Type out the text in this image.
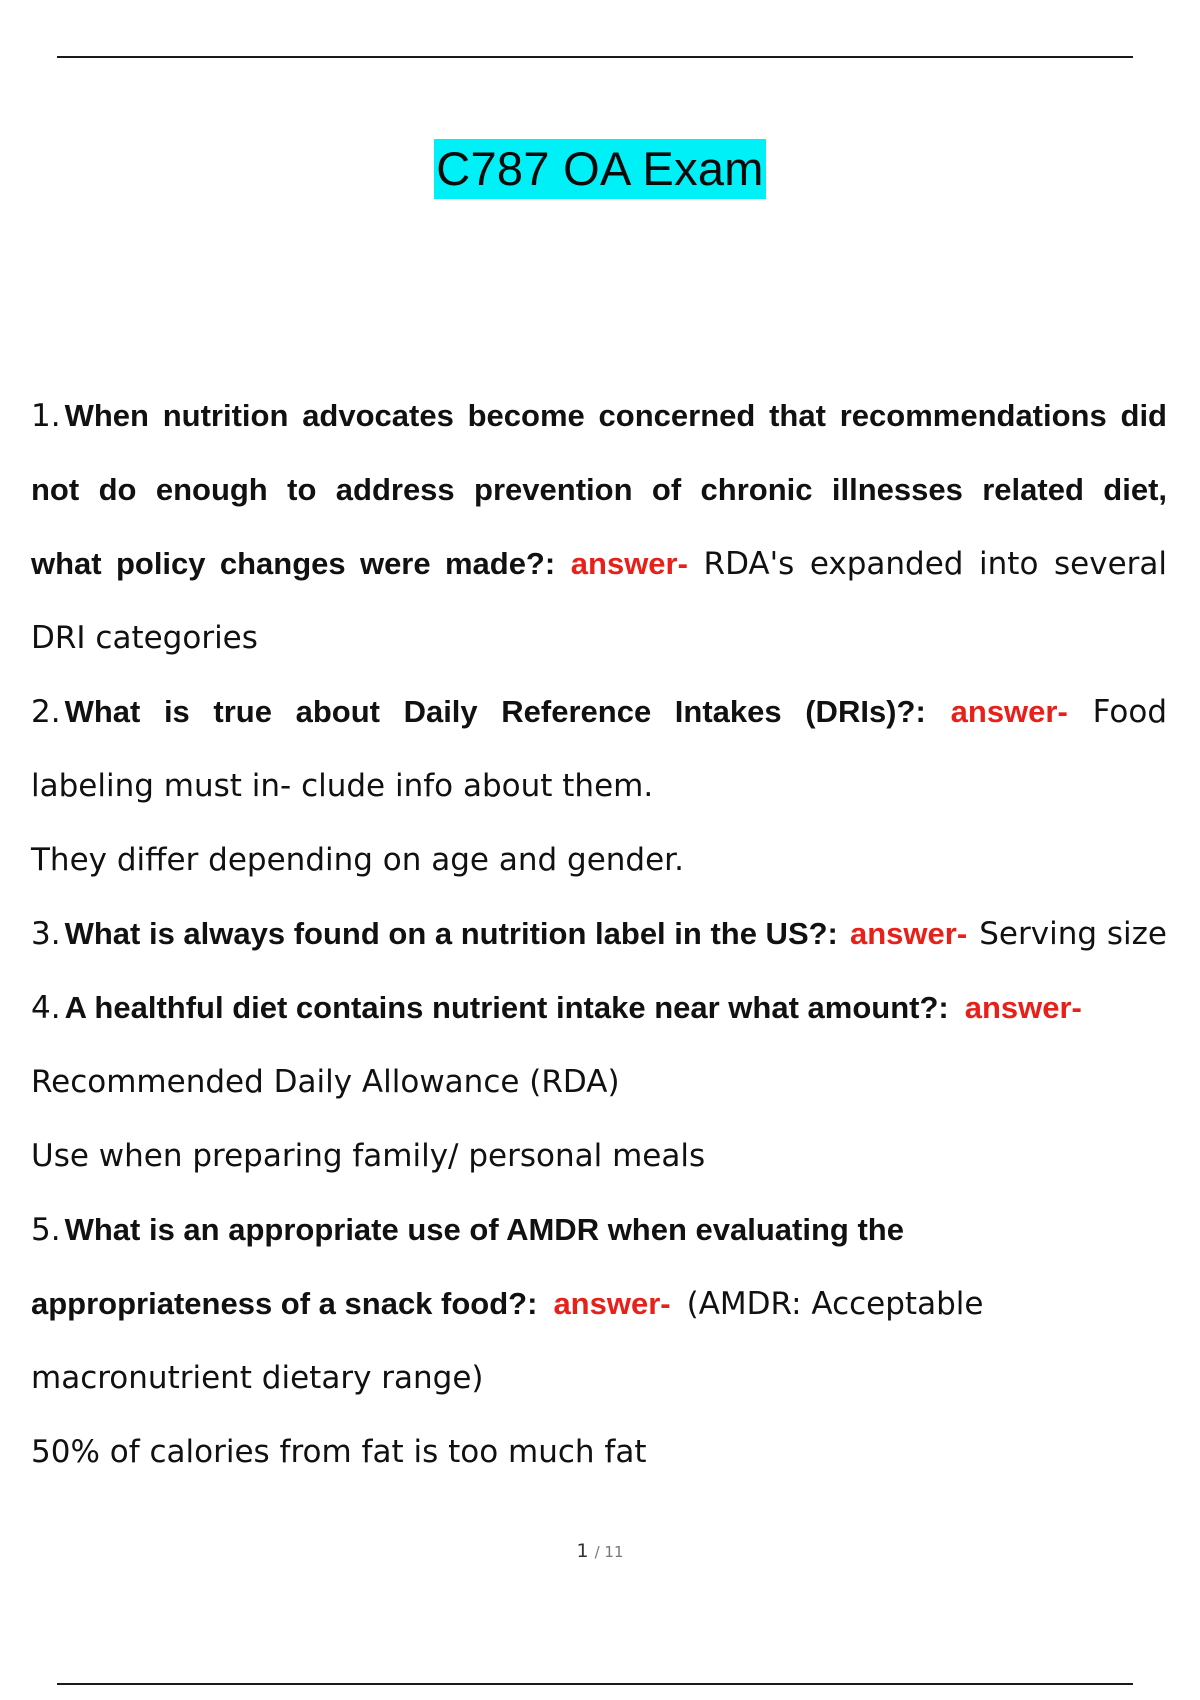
C787 OA Exam
1. When nutrition advocates become concerned that recommendations did
not do enough to address prevention of chronic illnesses related diet,
what policy changes were made?: answer- RDA's expanded into several
DRI categories
2. What is true about Daily Reference Intakes (DRIs)?: answer- Food
labeling must in- clude info about them.
They differ depending on age and gender.
3. What is always found on a nutrition label in the US?: answer- Serving size
4. A healthful diet contains nutrient intake near what amount?: answer-
Recommended Daily Allowance (RDA)
Use when preparing family/ personal meals
5. What is an appropriate use of AMDR when evaluating the
appropriateness of a snack food?: answer- (AMDR: Acceptable
macronutrient dietary range)
50% of calories from fat is too much fat
1 / 11
